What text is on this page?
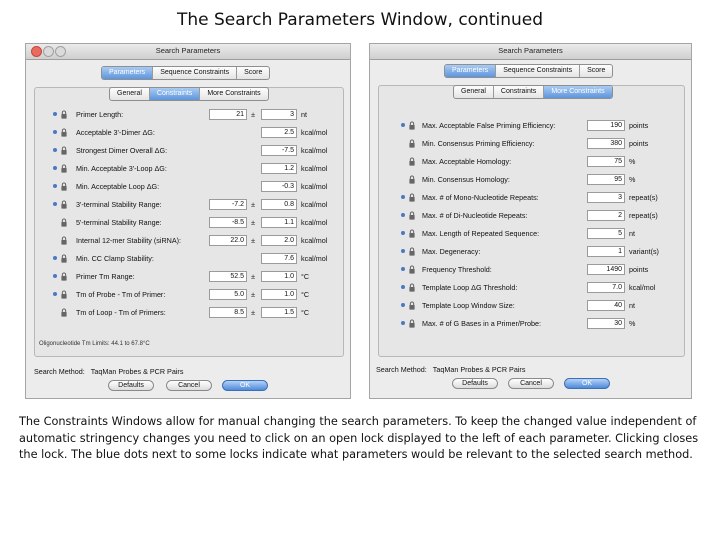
The Search Parameters Window, continued
Search Parameters
Parameters	Sequence Constraints	Score
General	Constraints	More Constraints
Primer Length:	21 ±	3 nt
Acceptable 3'-Dimer ΔG:	2.5 kcal/mol
Strongest Dimer Overall ΔG:	-7.5 kcal/mol
Min. Acceptable 3'-Loop ΔG:	1.2 kcal/mol
Min. Acceptable Loop ΔG:	-0.3 kcal/mol
3'-terminal Stability Range:	-7.2 ±	0.8 kcal/mol
5'-terminal Stability Range:	-8.5 ±	1.1 kcal/mol
Internal 12-mer Stability (siRNA):	22.0 ±	2.0 kcal/mol
Min. CC Clamp Stability:	7.6 kcal/mol
Primer Tm Range:	52.5 ±	1.0 °C
Tm of Probe - Tm of Primer:	5.0 ±	1.0 °C
Tm of Loop - Tm of Primers:	8.5 ±	1.5 °C
Oligonucleotide Tm Limits: 44.1 to 67.8°C
Search Method: TaqMan Probes & PCR Pairs
Defaults	Cancel	OK
Search Parameters
Parameters	Sequence Constraints	Score
General	Constraints	More Constraints
Max. Acceptable False Priming Efficiency:	190 points
Min. Consensus Priming Efficiency:	380 points
Max. Acceptable Homology:	75 %
Min. Consensus Homology:	95 %
Max. # of Mono-Nucleotide Repeats:	3 repeat(s)
Max. # of Di-Nucleotide Repeats:	2 repeat(s)
Max. Length of Repeated Sequence:	5 nt
Max. Degeneracy:	1 variant(s)
Frequency Threshold:	1490 points
Template Loop ΔG Threshold:	7.0 kcal/mol
Template Loop Window Size:	40 nt
Max. # of G Bases in a Primer/Probe:	30 %
Search Method: TaqMan Probes & PCR Pairs
Defaults	Cancel	OK
The Constraints Windows allow for manual changing the search parameters. To keep the changed value independent of automatic stringency changes you need to click on an open lock displayed to the left of each parameter. Clicking closes the lock. The blue dots next to some locks indicate what parameters would be relevant to the selected search method.
